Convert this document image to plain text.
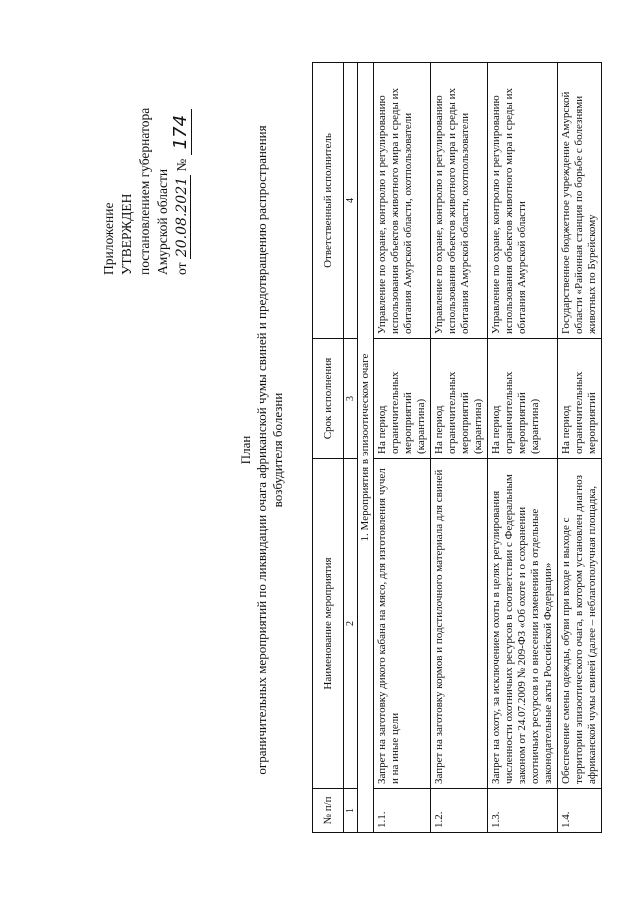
Приложение УТВЕРЖДЕН постановлением губернатора Амурской области от 20.08.2021 № 174
План ограничительных мероприятий по ликвидации очага африканской чумы свиней и предотвращению распространения возбудителя болезни
№ п/п	Наименование мероприятия	Срок исполнения	Ответственный исполнитель
1	2	3	4
1. Мероприятия в эпизоотическом очаге			
1.1.	Запрет на заготовку дикого кабана на мясо, для изготовления чучел и на иные цели	На период ограничительных мероприятий (карантина)	Управление по охране, контролю и регулированию использования объектов животного мира и среды их обитания Амурской области, охотпользователи
1.2.	Запрет на заготовку кормов и подстилочного материала для свиней	На период ограничительных мероприятий (карантина)	Управление по охране, контролю и регулированию использования объектов животного мира и среды их обитания Амурской области, охотпользователи
1.3.	Запрет на охоту, за исключением охоты в целях регулирования численности охотничьих ресурсов в соответствии с Федеральным законом от 24.07.2009 № 209-ФЗ «Об охоте и о сохранении охотничьих ресурсов и о внесении изменений в отдельные законодательные акты Российской Федерации»	На период ограничительных мероприятий (карантина)	Управление по охране, контролю и регулированию использования объектов животного мира и среды их обитания Амурской области
1.4.	Обеспечение смены одежды, обуви при входе и выходе с территории эпизоотического очага, в котором установлен диагноз африканской чумы свиней (далее – неблагополучная площадка,	На период ограничительных мероприятий	Государственное бюджетное учреждение Амурской области «Районная станция по борьбе с болезнями животных по Бурейскому
